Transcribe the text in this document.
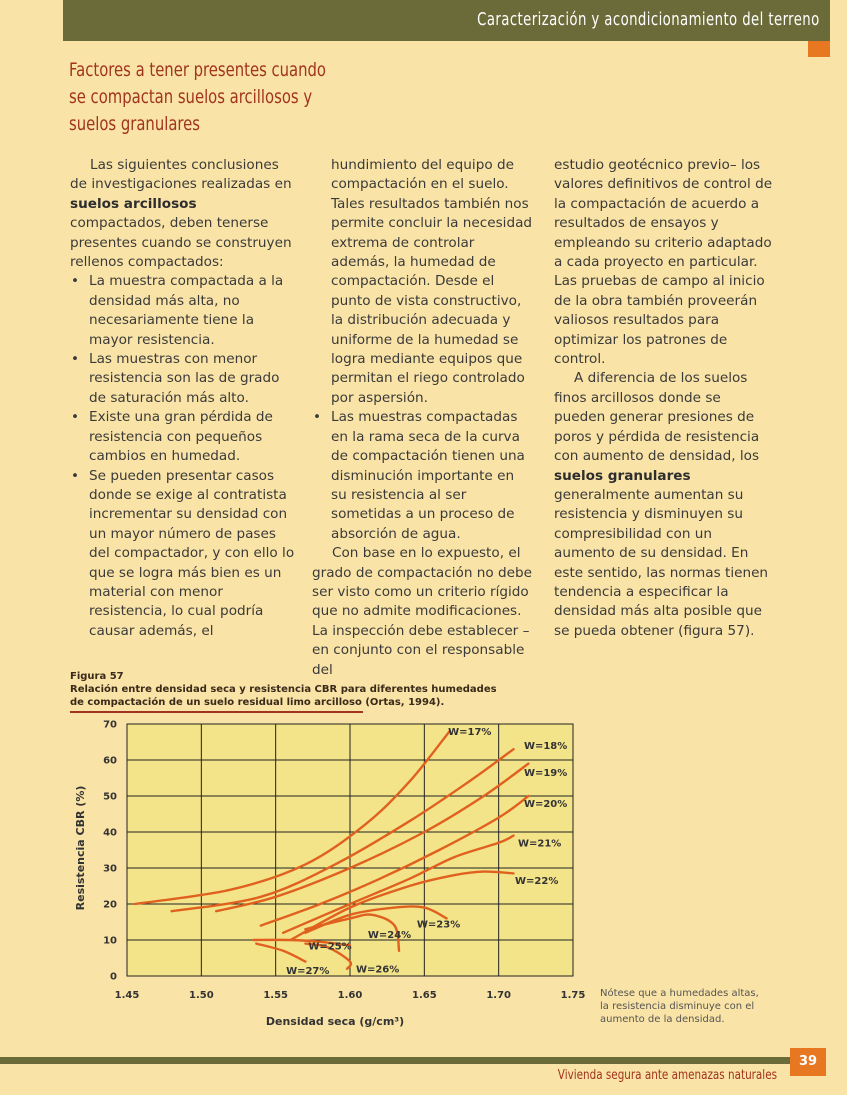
Caracterización y acondicionamiento del terreno
Factores a tener presentes cuando
se compactan suelos arcillosos y
suelos granulares

Las siguientes conclusiones de investigaciones realizadas en suelos arcillosos compactados, deben tenerse presentes cuando se construyen rellenos compactados:

• La muestra compactada a la densidad más alta, no necesariamente tiene la mayor resistencia.
• Las muestras con menor resistencia son las de grado de saturación más alto.
• Existe una gran pérdida de resistencia con pequeños cambios en humedad.
• Se pueden presentar casos donde se exige al contratista incrementar su densidad con un mayor número de pases del compactador, y con ello lo que se logra más bien es un material con menor resistencia, lo cual podría causar además, el

hundimiento del equipo de compactación en el suelo. Tales resultados también nos permite concluir la necesidad extrema de controlar además, la humedad de compactación. Desde el punto de vista constructivo, la distribución adecuada y uniforme de la humedad se logra mediante equipos que permitan el riego controlado por aspersión.

• Las muestras compactadas en la rama seca de la curva de compactación tienen una disminución importante en su resistencia al ser sometidas a un proceso de absorción de agua.

Con base en lo expuesto, el grado de compactación no debe ser visto como un criterio rígido que no admite modificaciones. La inspección debe establecer –en conjunto con el responsable del

estudio geotécnico previo– los valores definitivos de control de la compactación de acuerdo a resultados de ensayos y empleando su criterio adaptado a cada proyecto en particular. Las pruebas de campo al inicio de la obra también proveerán valiosos resultados para optimizar los patrones de control.

A diferencia de los suelos finos arcillosos donde se pueden generar presiones de poros y pérdida de resistencia con aumento de densidad, los suelos granulares generalmente aumentan su resistencia y disminuyen su compresibilidad con un aumento de su densidad. En este sentido, las normas tienen tendencia a especificar la densidad más alta posible que se pueda obtener (figura 57).

Figura 57
Relación entre densidad seca y resistencia CBR para diferentes humedades
de compactación de un suelo residual limo arcilloso (Ortas, 1994).
1.45	1.50	1.55	1.60	1.65	1.70	1.75
0
10
20
30
40
50
60
70
Densidad seca (g/cm³)
Resistencia CBR (%)
W=17%
W=18%
W=19%
W=20%
W=21%
W=22%
W=23%
W=24%
W=25%
W=26%
W=27%
Nótese que a humedades altas,
la resistencia disminuye con el
aumento de la densidad.
39
Vivienda segura ante amenazas naturales
